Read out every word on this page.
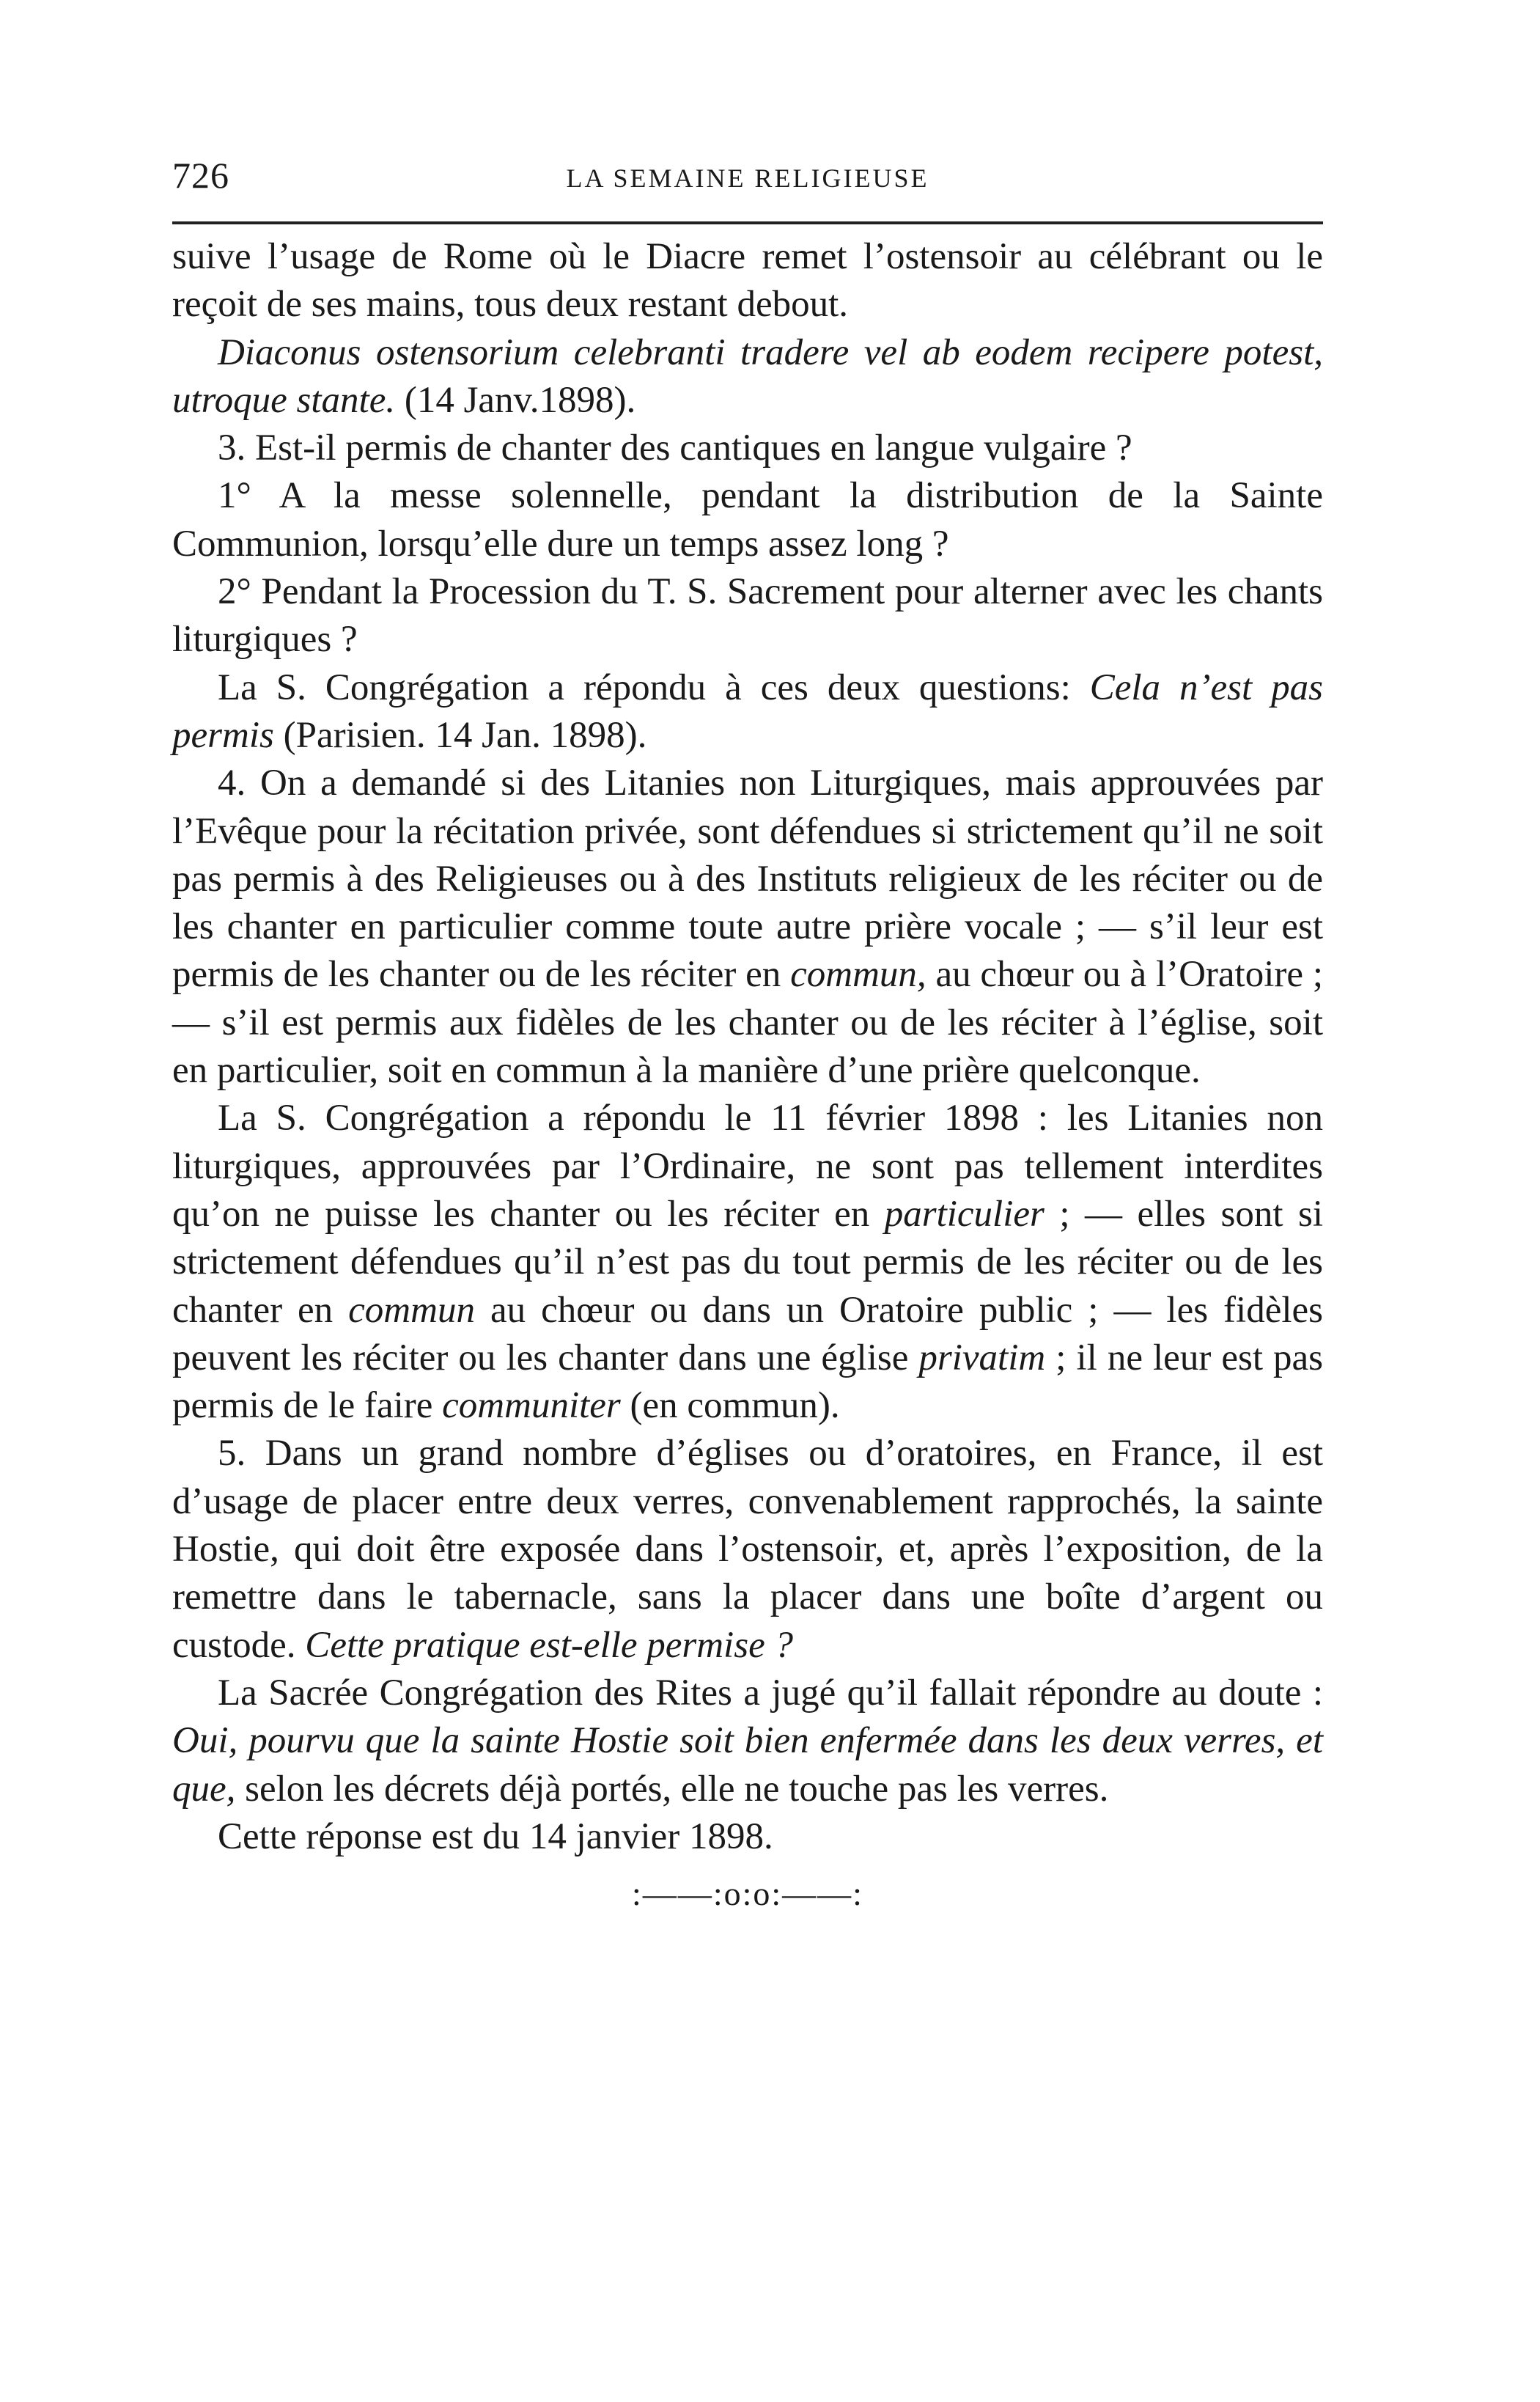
726	LA SEMAINE RELIGIEUSE

suive l’usage de Rome où le Diacre remet l’ostensoir au célébrant ou le reçoit de ses mains, tous deux restant debout.

Diaconus ostensorium celebranti tradere vel ab eodem recipere potest, utroque stante. (14 Janv.1898).

3. Est-il permis de chanter des cantiques en langue vulgaire ?

1° A la messe solennelle, pendant la distribution de la Sainte Communion, lorsqu’elle dure un temps assez long ?

2° Pendant la Procession du T. S. Sacrement pour alterner avec les chants liturgiques ?

La S. Congrégation a répondu à ces deux questions: Cela n’est pas permis (Parisien. 14 Jan. 1898).

4. On a demandé si des Litanies non Liturgiques, mais approuvées par l’Evêque pour la récitation privée, sont défendues si strictement qu’il ne soit pas permis à des Religieuses ou à des Instituts religieux de les réciter ou de les chanter en particulier comme toute autre prière vocale ; — s’il leur est permis de les chanter ou de les réciter en commun, au chœur ou à l’Oratoire ; — s’il est permis aux fidèles de les chanter ou de les réciter à l’église, soit en particulier, soit en commun à la manière d’une prière quelconque.

La S. Congrégation a répondu le 11 février 1898 : les Litanies non liturgiques, approuvées par l’Ordinaire, ne sont pas tellement interdites qu’on ne puisse les chanter ou les réciter en particulier ; — elles sont si strictement défendues qu’il n’est pas du tout permis de les réciter ou de les chanter en commun au chœur ou dans un Oratoire public ; — les fidèles peuvent les réciter ou les chanter dans une église privatim ; il ne leur est pas permis de le faire communiter (en commun).

5. Dans un grand nombre d’églises ou d’oratoires, en France, il est d’usage de placer entre deux verres, convenablement rapprochés, la sainte Hostie, qui doit être exposée dans l’ostensoir, et, après l’exposition, de la remettre dans le tabernacle, sans la placer dans une boîte d’argent ou custode. Cette pratique est-elle permise ?

La Sacrée Congrégation des Rites a jugé qu’il fallait répondre au doute : Oui, pourvu que la sainte Hostie soit bien enfermée dans les deux verres, et que, selon les décrets déjà portés, elle ne touche pas les verres.

Cette réponse est du 14 janvier 1898.

:——:o:o:——:
